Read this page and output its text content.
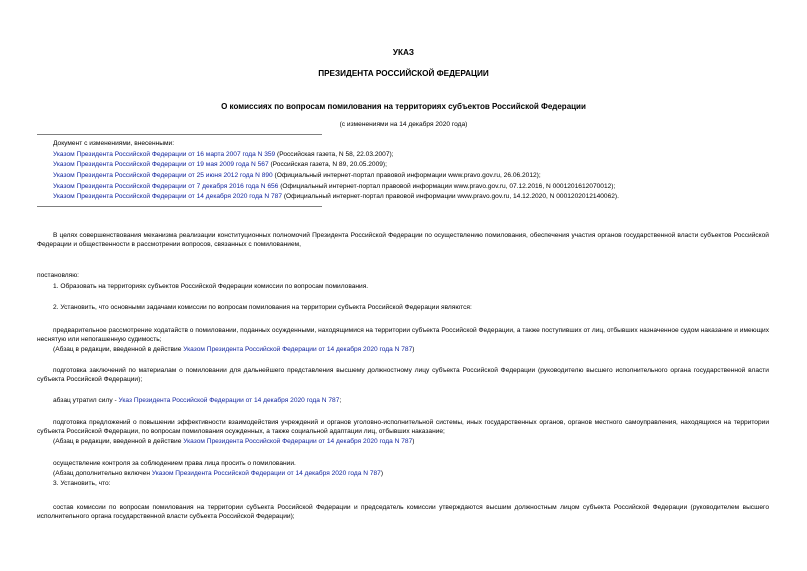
УКАЗ
ПРЕЗИДЕНТА РОССИЙСКОЙ ФЕДЕРАЦИИ
О комиссиях по вопросам помилования на территориях субъектов Российской Федерации
(с изменениями на 14 декабря 2020 года)
Документ с изменениями, внесенными:
Указом Президента Российской Федерации от 16 марта 2007 года N 359 (Российская газета, N 58, 22.03.2007);
Указом Президента Российской Федерации от 19 мая 2009 года N 567 (Российская газета, N 89, 20.05.2009);
Указом Президента Российской Федерации от 25 июня 2012 года N 890 (Официальный интернет-портал правовой информации www.pravo.gov.ru, 26.06.2012);
Указом Президента Российской Федерации от 7 декабря 2016 года N 656 (Официальный интернет-портал правовой информации www.pravo.gov.ru, 07.12.2016, N 0001201612070012);
Указом Президента Российской Федерации от 14 декабря 2020 года N 787 (Официальный интернет-портал правовой информации www.pravo.gov.ru, 14.12.2020, N 0001202012140062).
В целях совершенствования механизма реализации конституционных полномочий Президента Российской Федерации по осуществлению помилования, обеспечения участия органов государственной власти субъектов Российской Федерации и общественности в рассмотрении вопросов, связанных с помилованием,
постановляю:
1. Образовать на территориях субъектов Российской Федерации комиссии по вопросам помилования.
2. Установить, что основными задачами комиссии по вопросам помилования на территории субъекта Российской Федерации являются:
предварительное рассмотрение ходатайств о помиловании, поданных осужденными, находящимися на территории субъекта Российской Федерации, а также поступивших от лиц, отбывших назначенное судом наказание и имеющих неснятую или непогашенную судимость;
(Абзац в редакции, введенной в действие Указом Президента Российской Федерации от 14 декабря 2020 года N 787)
подготовка заключений по материалам о помиловании для дальнейшего представления высшему должностному лицу субъекта Российской Федерации (руководителю высшего исполнительного органа государственной власти субъекта Российской Федерации);
абзац утратил силу - Указ Президента Российской Федерации от 14 декабря 2020 года N 787;
подготовка предложений о повышении эффективности взаимодействия учреждений и органов уголовно-исполнительной системы, иных государственных органов, органов местного самоуправления, находящихся на территории субъекта Российской Федерации, по вопросам помилования осужденных, а также социальной адаптации лиц, отбывших наказание;
(Абзац в редакции, введенной в действие Указом Президента Российской Федерации от 14 декабря 2020 года N 787)
осуществление контроля за соблюдением права лица просить о помиловании.
(Абзац дополнительно включен Указом Президента Российской Федерации от 14 декабря 2020 года N 787)
3. Установить, что:
состав комиссии по вопросам помилования на территории субъекта Российской Федерации и председатель комиссии утверждаются высшим должностным лицом субъекта Российской Федерации (руководителем высшего исполнительного органа государственной власти субъекта Российской Федерации);
